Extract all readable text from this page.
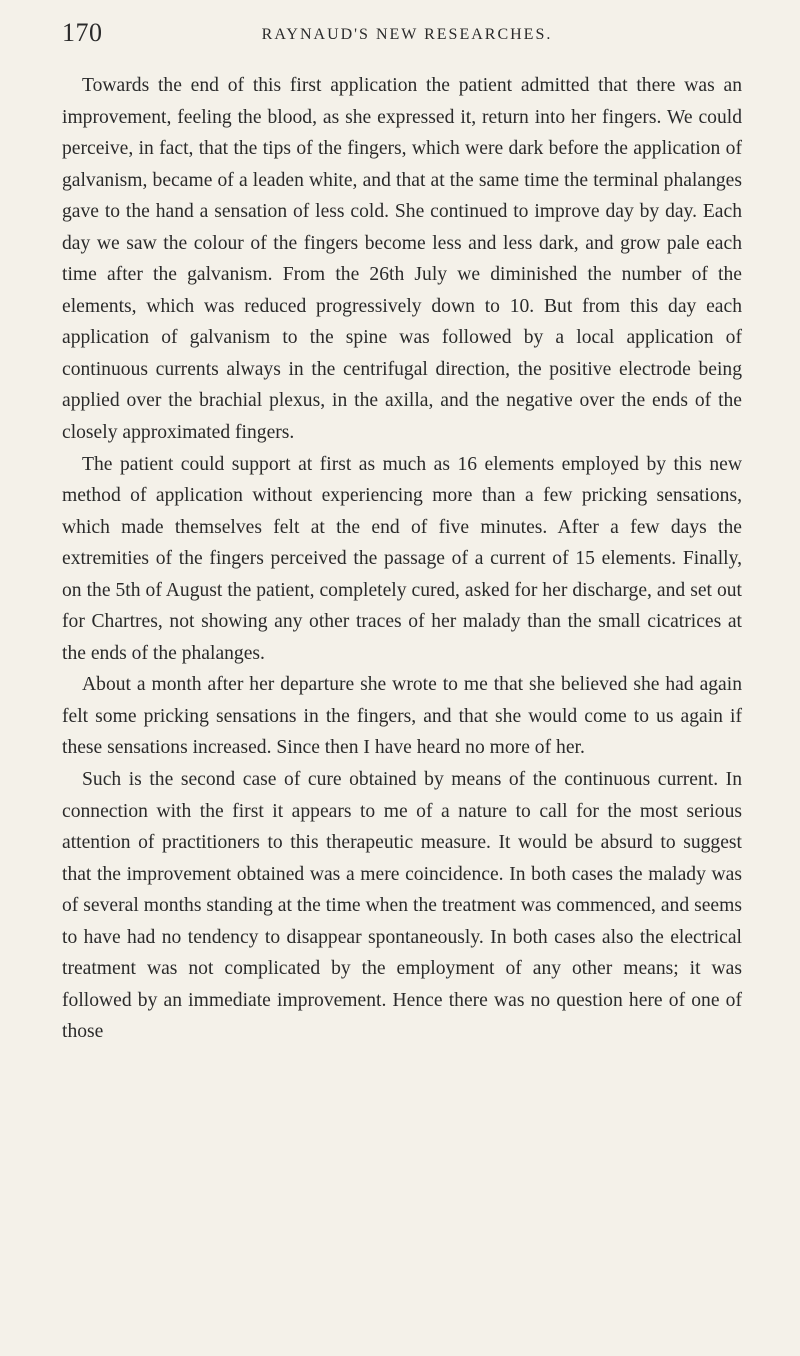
170	RAYNAUD'S NEW RESEARCHES.

Towards the end of this first application the patient admitted that there was an improvement, feeling the blood, as she expressed it, return into her fingers. We could perceive, in fact, that the tips of the fingers, which were dark before the application of galvanism, became of a leaden white, and that at the same time the terminal phalanges gave to the hand a sensation of less cold. She continued to improve day by day. Each day we saw the colour of the fingers become less and less dark, and grow pale each time after the galvanism. From the 26th July we diminished the number of the elements, which was reduced progressively down to 10. But from this day each application of galvanism to the spine was followed by a local application of continuous currents always in the centrifugal direction, the positive electrode being applied over the brachial plexus, in the axilla, and the negative over the ends of the closely approximated fingers.

The patient could support at first as much as 16 elements employed by this new method of application without experiencing more than a few pricking sensations, which made themselves felt at the end of five minutes. After a few days the extremities of the fingers perceived the passage of a current of 15 elements. Finally, on the 5th of August the patient, completely cured, asked for her discharge, and set out for Chartres, not showing any other traces of her malady than the small cicatrices at the ends of the phalanges.

About a month after her departure she wrote to me that she believed she had again felt some pricking sensations in the fingers, and that she would come to us again if these sensations increased. Since then I have heard no more of her.

Such is the second case of cure obtained by means of the continuous current. In connection with the first it appears to me of a nature to call for the most serious attention of practitioners to this therapeutic measure. It would be absurd to suggest that the improvement obtained was a mere coincidence. In both cases the malady was of several months standing at the time when the treatment was commenced, and seems to have had no tendency to disappear spontaneously. In both cases also the electrical treatment was not complicated by the employment of any other means; it was followed by an immediate improvement. Hence there was no question here of one of those
